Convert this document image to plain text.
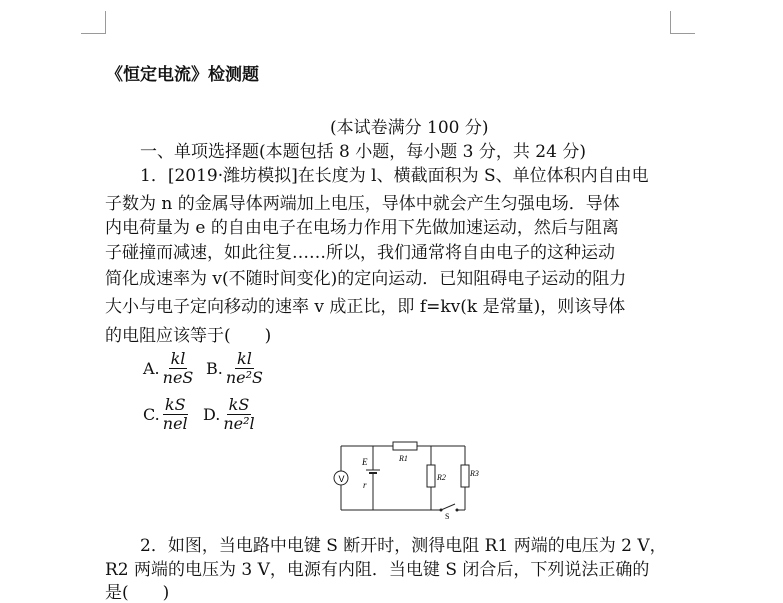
《恒定电流》检测题
(本试卷满分 100 分)
一、单项选择题(本题包括 8 小题，每小题 3 分，共 24 分)
1．[2019·潍坊模拟]在长度为 l、横截面积为 S、单位体积内自由电
子数为 n 的金属导体两端加上电压，导体中就会产生匀强电场．导体
内电荷量为 e 的自由电子在电场力作用下先做加速运动，然后与阻离
子碰撞而减速，如此往复……所以，我们通常将自由电子的这种运动
简化成速率为 v(不随时间变化)的定向运动．已知阻碍电子运动的阻力
大小与电子定向移动的速率 v 成正比，即 f=kv(k 是常量)，则该导体
的电阻应该等于(　　)
A. $\frac{kl}{\text{neS}} B$. $\frac{kl}{\text{ne²S}}$
C. $\frac{kS}{\text{nel}} D$. $\frac{kS}{\text{ne²l}}$
V
E
r
R1
R2	R3
S
2．如图，当电路中电键 S 断开时，测得电阻 R1 两端的电压为 2 V，
R2 两端的电压为 3 V，电源有内阻．当电键 S 闭合后，下列说法正确的
是(　　)
